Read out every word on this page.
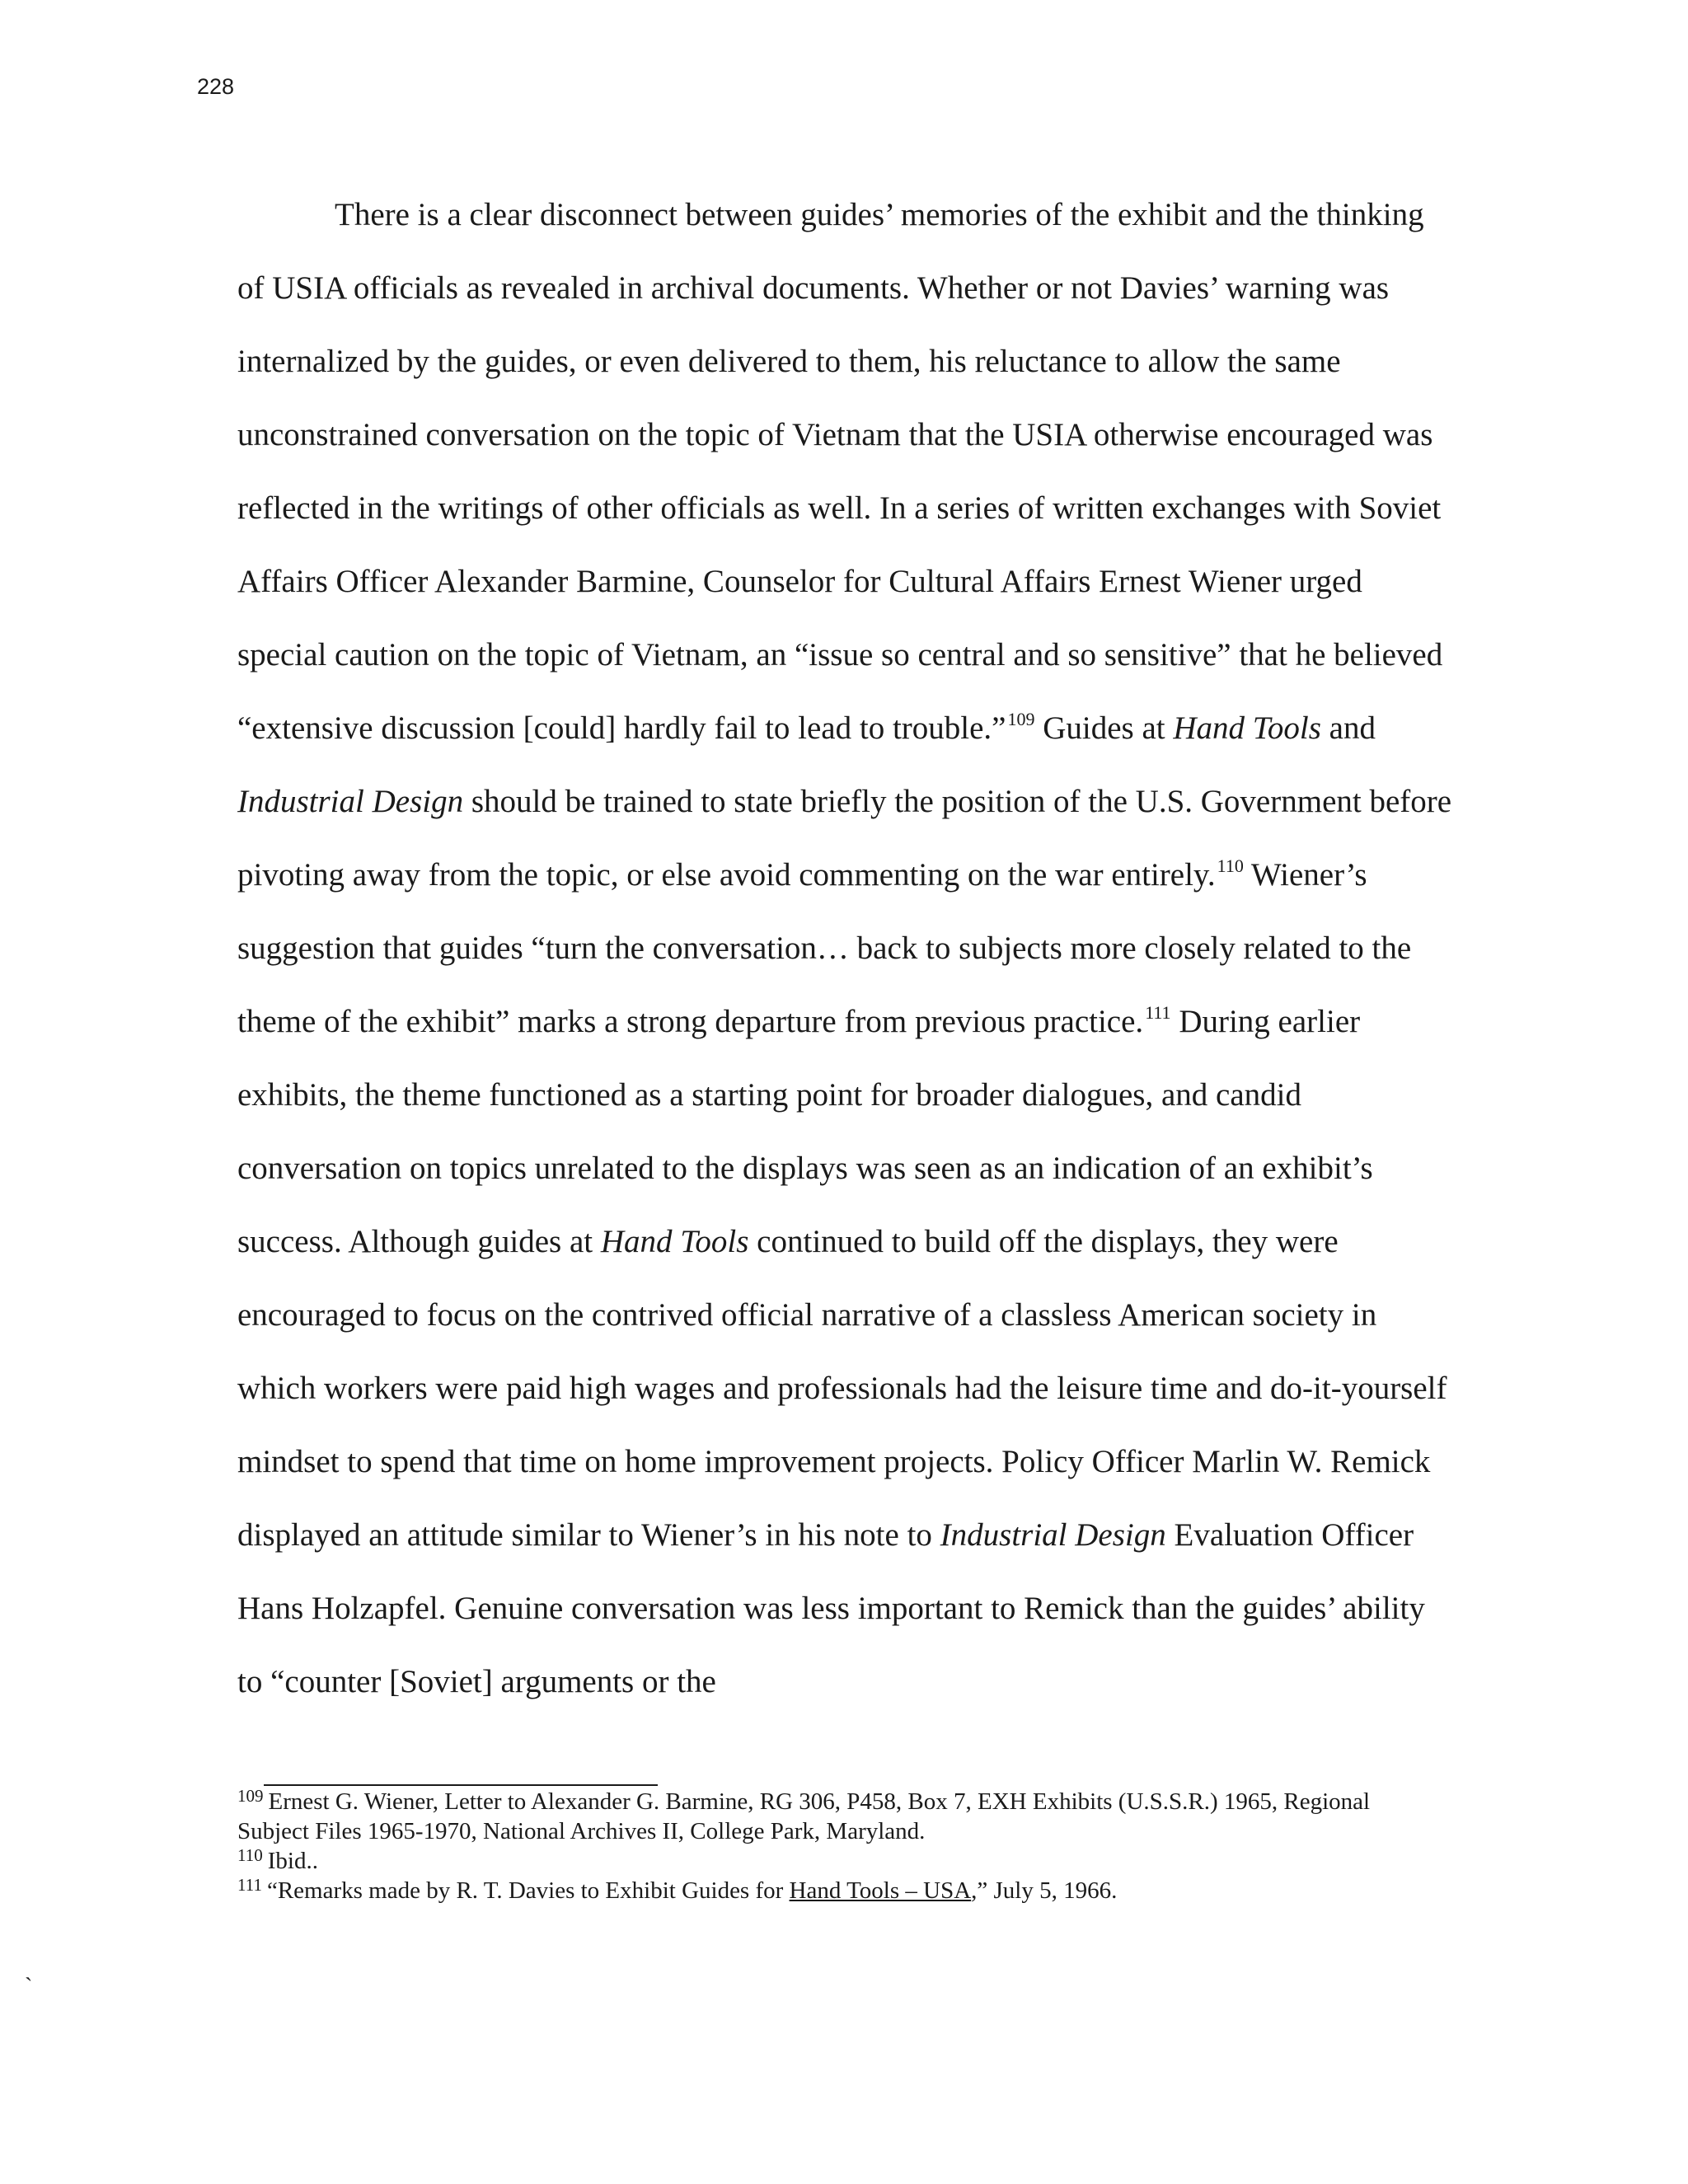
228
There is a clear disconnect between guides’ memories of the exhibit and the thinking
of USIA officials as revealed in archival documents. Whether or not Davies’ warning was
internalized by the guides, or even delivered to them, his reluctance to allow the same
unconstrained conversation on the topic of Vietnam that the USIA otherwise encouraged was
reflected in the writings of other officials as well. In a series of written exchanges with Soviet
Affairs Officer Alexander Barmine, Counselor for Cultural Affairs Ernest Wiener urged
special caution on the topic of Vietnam, an “issue so central and so sensitive” that he believed
“extensive discussion [could] hardly fail to lead to trouble.”$^{109}$ Guides at Hand Tools and
Industrial Design should be trained to state briefly the position of the U.S. Government before
pivoting away from the topic, or else avoid commenting on the war entirely.$^{110}$ Wiener’s
suggestion that guides “turn the conversation… back to subjects more closely related to the
theme of the exhibit” marks a strong departure from previous practice.$^{111}$ During earlier
exhibits, the theme functioned as a starting point for broader dialogues, and candid
conversation on topics unrelated to the displays was seen as an indication of an exhibit’s
success. Although guides at Hand Tools continued to build off the displays, they were
encouraged to focus on the contrived official narrative of a classless American society in
which workers were paid high wages and professionals had the leisure time and do-it-yourself
mindset to spend that time on home improvement projects. Policy Officer Marlin W. Remick
displayed an attitude similar to Wiener’s in his note to Industrial Design Evaluation Officer
Hans Holzapfel. Genuine conversation was less important to Remick than the guides’ ability
to “counter [Soviet] arguments or the
$^{109}$ Ernest G. Wiener, Letter to Alexander G. Barmine, RG 306, P458, Box 7, EXH Exhibits (U.S.S.R.) 1965, Regional
Subject Files 1965-1970, National Archives II, College Park, Maryland.
$^{110}$ Ibid..
$^{111}$ “Remarks made by R. T. Davies to Exhibit Guides for Hand Tools – USA,” July 5, 1966.
`
